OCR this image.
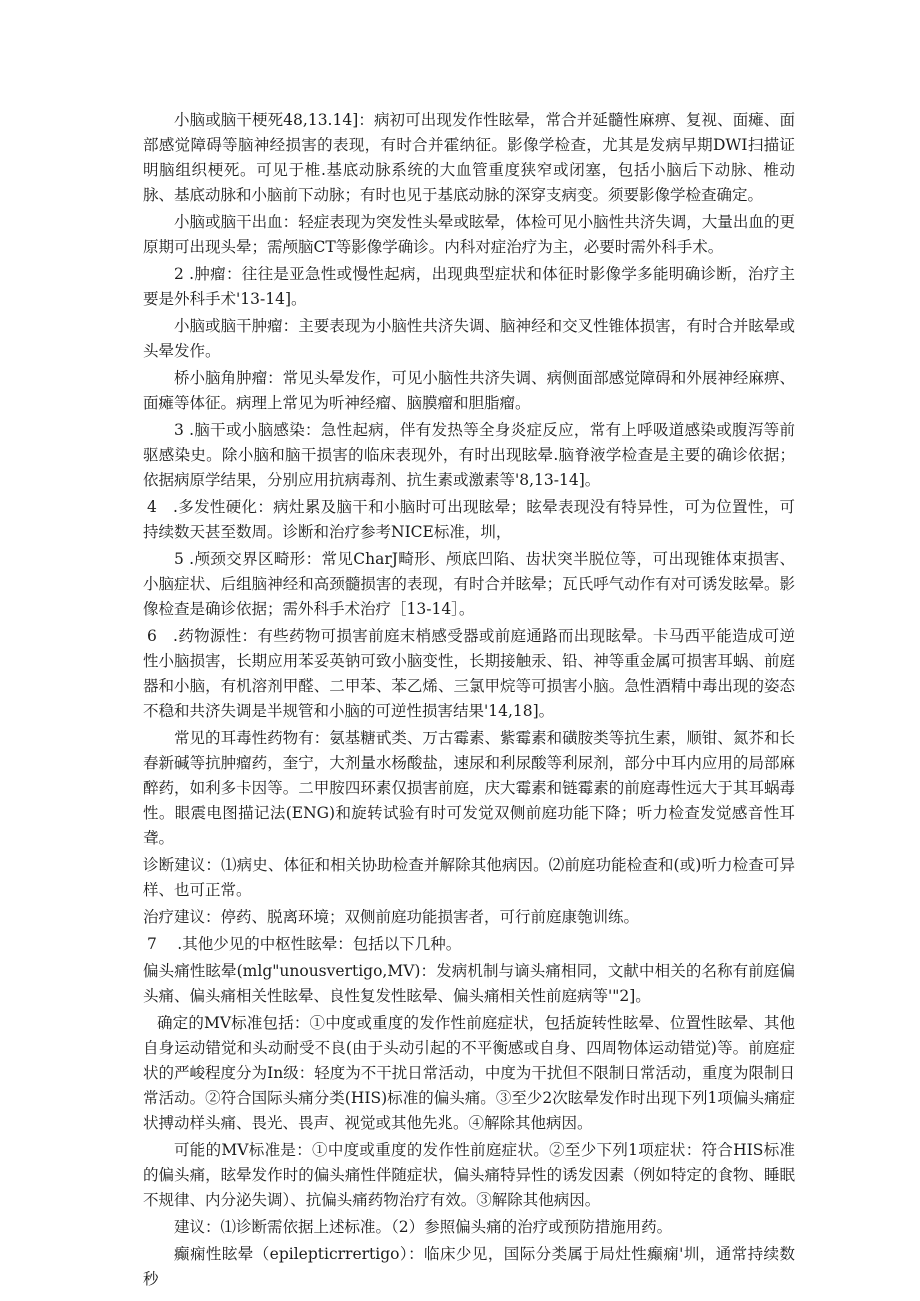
小脑或脑干梗死48,13.14]：病初可出现发作性眩晕，常合并延髓性麻痹、复视、面瘫、面部感觉障碍等脑神经损害的表现，有时合并霍纳征。影像学检查，尤其是发病早期DWI扫描证明脑组织梗死。可见于椎.基底动脉系统的大血管重度狭窄或闭塞，包括小脑后下动脉、椎动脉、基底动脉和小脑前下动脉；有时也见于基底动脉的深穿支病变。须要影像学检查确定。

小脑或脑干出血：轻症表现为突发性头晕或眩晕，体检可见小脑性共济失调，大量出血的更原期可出现头晕；需颅脑CT等影像学确诊。内科对症治疗为主，必要时需外科手术。

2 .肿瘤：往往是亚急性或慢性起病，出现典型症状和体征时影像学多能明确诊断，治疗主要是外科手术'13-14]。

小脑或脑干肿瘤：主要表现为小脑性共济失调、脑神经和交叉性锥体损害，有时合并眩晕或头晕发作。

桥小脑角肿瘤：常见头晕发作，可见小脑性共济失调、病侧面部感觉障碍和外展神经麻痹、面瘫等体征。病理上常见为听神经瘤、脑膜瘤和胆脂瘤。

3 .脑干或小脑感染：急性起病，伴有发热等全身炎症反应，常有上呼吸道感染或腹泻等前驱感染史。除小脑和脑干损害的临床表现外，有时出现眩晕.脑脊液学检查是主要的确诊依据；依据病原学结果，分别应用抗病毒剂、抗生素或激素等'8,13-14]。

4　.多发性硬化：病灶累及脑干和小脑时可出现眩晕；眩晕表现没有特异性，可为位置性，可持续数天甚至数周。诊断和治疗参考NICE标准，圳，

5 .颅颈交界区畸形：常见CharJ畸形、颅底凹陷、齿状突半脱位等，可出现锥体束损害、小脑症状、后组脑神经和高颈髓损害的表现，有时合并眩晕；瓦氏呼气动作有对可诱发眩晕。影像检查是确诊依据；需外科手术治疗［13-14］。

6　.药物源性：有些药物可损害前庭末梢感受器或前庭通路而出现眩晕。卡马西平能造成可逆性小脑损害，长期应用苯妥英钠可致小脑变性，长期接触汞、铅、神等重金属可损害耳蜗、前庭器和小脑，有机溶剂甲醛、二甲苯、苯乙烯、三氯甲烷等可损害小脑。急性酒精中毒出现的姿态不稳和共济失调是半规管和小脑的可逆性损害结果'14,18]。

常见的耳毒性药物有：氨基糖甙类、万古霉素、紫霉素和磺胺类等抗生素，顺钳、氮芥和长春新碱等抗肿瘤药，奎宁，大剂量水杨酸盐，速尿和利尿酸等利尿剂，部分中耳内应用的局部麻醉药，如利多卡因等。二甲胺四环素仅损害前庭，庆大霉素和链霉素的前庭毒性远大于其耳蜗毒性。眼震电图描记法(ENG)和旋转试验有时可发觉双侧前庭功能下降；听力检查发觉感音性耳聋。

诊断建议：⑴病史、体征和相关协助检查并解除其他病因。⑵前庭功能检查和(或)听力检查可异样、也可正常。

治疗建议：停药、脱离环境；双侧前庭功能损害者，可行前庭康匏训练。

7　 .其他少见的中枢性眩晕：包括以下几种。

偏头痛性眩晕(mlg"unousvertigo,MV)：发病机制与谪头痛相同，文献中相关的名称有前庭偏头痛、偏头痛相关性眩晕、良性复发性眩晕、偏头痛相关性前庭病等'"2]。

确定的MV标准包括：①中度或重度的发作性前庭症状，包括旋转性眩晕、位置性眩晕、其他自身运动错觉和头动耐受不良(由于头动引起的不平衡感或自身、四周物体运动错觉)等。前庭症状的严峻程度分为In级：轻度为不干扰日常活动，中度为干扰但不限制日常活动，重度为限制日常活动。②符合国际头痛分类(HIS)标准的偏头痛。③至少2次眩晕发作时出现下列1项偏头痛症状搏动样头痛、畏光、畏声、视觉或其他先兆。④解除其他病因。

可能的MV标准是：①中度或重度的发作性前庭症状。②至少下列1项症状：符合HIS标准的偏头痛，眩晕发作时的偏头痛性伴随症状，偏头痛特异性的诱发因素（例如特定的食物、睡眠不规律、内分泌失调）、抗偏头痛药物治疗有效。③解除其他病因。

建议：⑴诊断需依据上述标准。（2）参照偏头痛的治疗或预防措施用药。

癫痫性眩晕（epilepticrrertigo）：临床少见，国际分类属于局灶性癫痫'圳，通常持续数秒
